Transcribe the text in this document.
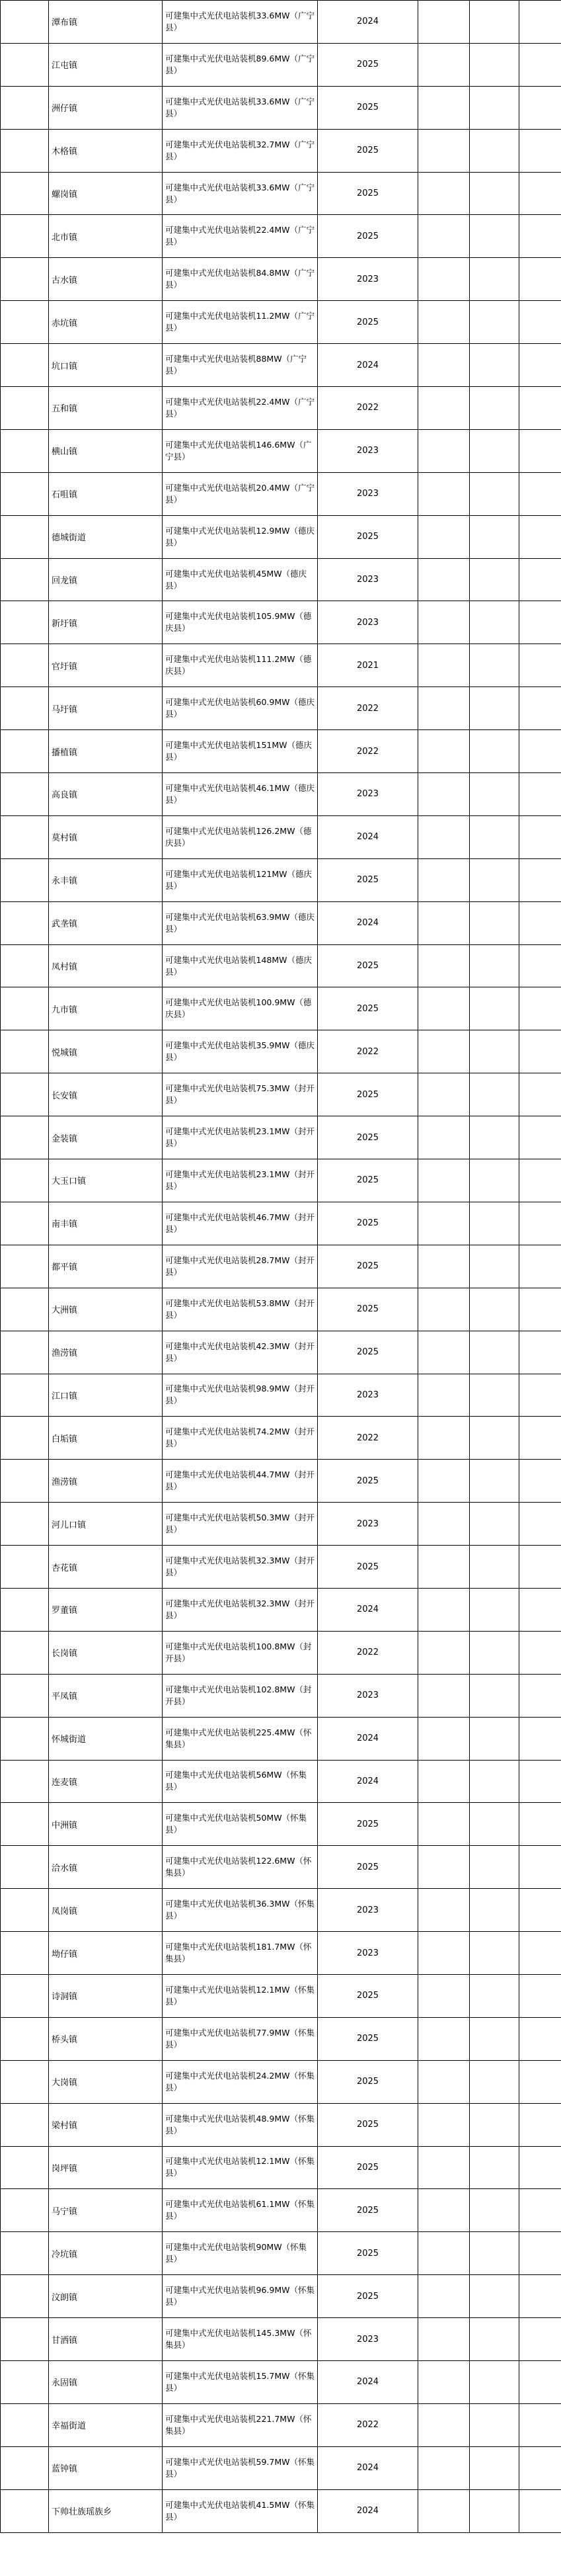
	潭布镇	可建集中式光伏电站装机33.6MW（广宁县）	2024			
	江屯镇	可建集中式光伏电站装机89.6MW（广宁县）	2025			
	洲仔镇	可建集中式光伏电站装机33.6MW（广宁县）	2025			
	木格镇	可建集中式光伏电站装机32.7MW（广宁县）	2025			
	螺岗镇	可建集中式光伏电站装机33.6MW（广宁县）	2025			
	北市镇	可建集中式光伏电站装机22.4MW（广宁县）	2025			
	古水镇	可建集中式光伏电站装机84.8MW（广宁县）	2023			
	赤坑镇	可建集中式光伏电站装机11.2MW（广宁县）	2025			
	坑口镇	可建集中式光伏电站装机88MW（广宁县）	2024			
	五和镇	可建集中式光伏电站装机22.4MW（广宁县）	2022			
	横山镇	可建集中式光伏电站装机146.6MW（广宁县）	2023			
	石咀镇	可建集中式光伏电站装机20.4MW（广宁县）	2023			
	德城街道	可建集中式光伏电站装机12.9MW（德庆县）	2025			
	回龙镇	可建集中式光伏电站装机45MW（德庆县）	2023			
	新圩镇	可建集中式光伏电站装机105.9MW（德庆县）	2023			
	官圩镇	可建集中式光伏电站装机111.2MW（德庆县）	2021			
	马圩镇	可建集中式光伏电站装机60.9MW（德庆县）	2022			
	播植镇	可建集中式光伏电站装机151MW（德庆县）	2022			
	高良镇	可建集中式光伏电站装机46.1MW（德庆县）	2023			
	莫村镇	可建集中式光伏电站装机126.2MW（德庆县）	2024			
	永丰镇	可建集中式光伏电站装机121MW（德庆县）	2025			
	武垄镇	可建集中式光伏电站装机63.9MW（德庆县）	2024			
	凤村镇	可建集中式光伏电站装机148MW（德庆县）	2025			
	九市镇	可建集中式光伏电站装机100.9MW（德庆县）	2025			
	悦城镇	可建集中式光伏电站装机35.9MW（德庆县）	2022			
	长安镇	可建集中式光伏电站装机75.3MW（封开县）	2025			
	金装镇	可建集中式光伏电站装机23.1MW（封开县）	2025			
	大玉口镇	可建集中式光伏电站装机23.1MW（封开县）	2025			
	南丰镇	可建集中式光伏电站装机46.7MW（封开县）	2025			
	都平镇	可建集中式光伏电站装机28.7MW（封开县）	2025			
	大洲镇	可建集中式光伏电站装机53.8MW（封开县）	2025			
	渔涝镇	可建集中式光伏电站装机42.3MW（封开县）	2025			
	江口镇	可建集中式光伏电站装机98.9MW（封开县）	2023			
	白垢镇	可建集中式光伏电站装机74.2MW（封开县）	2022			
	渔涝镇	可建集中式光伏电站装机44.7MW（封开县）	2025			
	河儿口镇	可建集中式光伏电站装机50.3MW（封开县）	2023			
	杏花镇	可建集中式光伏电站装机32.3MW（封开县）	2025			
	罗董镇	可建集中式光伏电站装机32.3MW（封开县）	2024			
	长岗镇	可建集中式光伏电站装机100.8MW（封开县）	2022			
	平凤镇	可建集中式光伏电站装机102.8MW（封开县）	2023			
	怀城街道	可建集中式光伏电站装机225.4MW（怀集县）	2024			
	连麦镇	可建集中式光伏电站装机56MW（怀集县）	2024			
	中洲镇	可建集中式光伏电站装机50MW（怀集县）	2025			
	洽水镇	可建集中式光伏电站装机122.6MW（怀集县）	2025			
	凤岗镇	可建集中式光伏电站装机36.3MW（怀集县）	2023			
	坳仔镇	可建集中式光伏电站装机181.7MW（怀集县）	2023			
	诗洞镇	可建集中式光伏电站装机12.1MW（怀集县）	2025			
	桥头镇	可建集中式光伏电站装机77.9MW（怀集县）	2025			
	大岗镇	可建集中式光伏电站装机24.2MW（怀集县）	2025			
	梁村镇	可建集中式光伏电站装机48.9MW（怀集县）	2025			
	岗坪镇	可建集中式光伏电站装机12.1MW（怀集县）	2025			
	马宁镇	可建集中式光伏电站装机61.1MW（怀集县）	2025			
	冷坑镇	可建集中式光伏电站装机90MW（怀集县）	2025			
	汶朗镇	可建集中式光伏电站装机96.9MW（怀集县）	2025			
	甘洒镇	可建集中式光伏电站装机145.3MW（怀集县）	2023			
	永固镇	可建集中式光伏电站装机15.7MW（怀集县）	2024			
	幸福街道	可建集中式光伏电站装机221.7MW（怀集县）	2022			
	蓝钟镇	可建集中式光伏电站装机59.7MW（怀集县）	2024			
	下帅壮族瑶族乡	可建集中式光伏电站装机41.5MW（怀集县）	2024			
